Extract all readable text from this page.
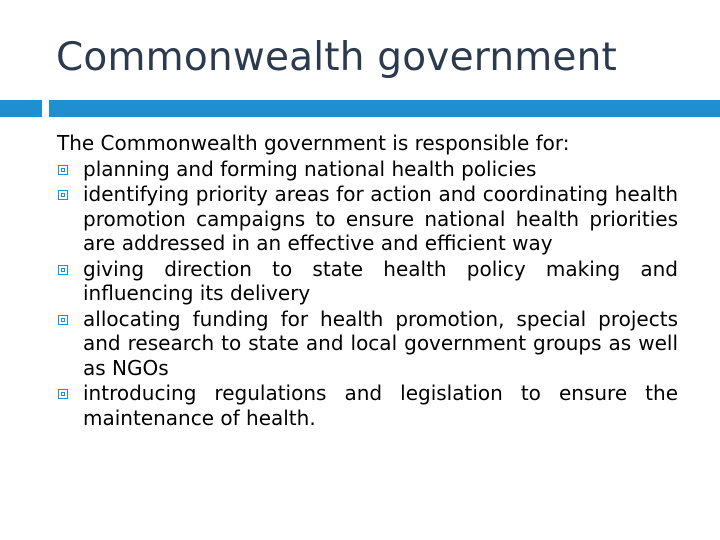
Commonwealth government
The Commonwealth government is responsible for:
planning and forming national health policies
identifying priority areas for action and coordinating health promotion campaigns to ensure national health priorities are addressed in an effective and efficient way
giving direction to state health policy making and influencing its delivery
allocating funding for health promotion, special projects and research to state and local government groups as well as NGOs
introducing regulations and legislation to ensure the maintenance of health.
